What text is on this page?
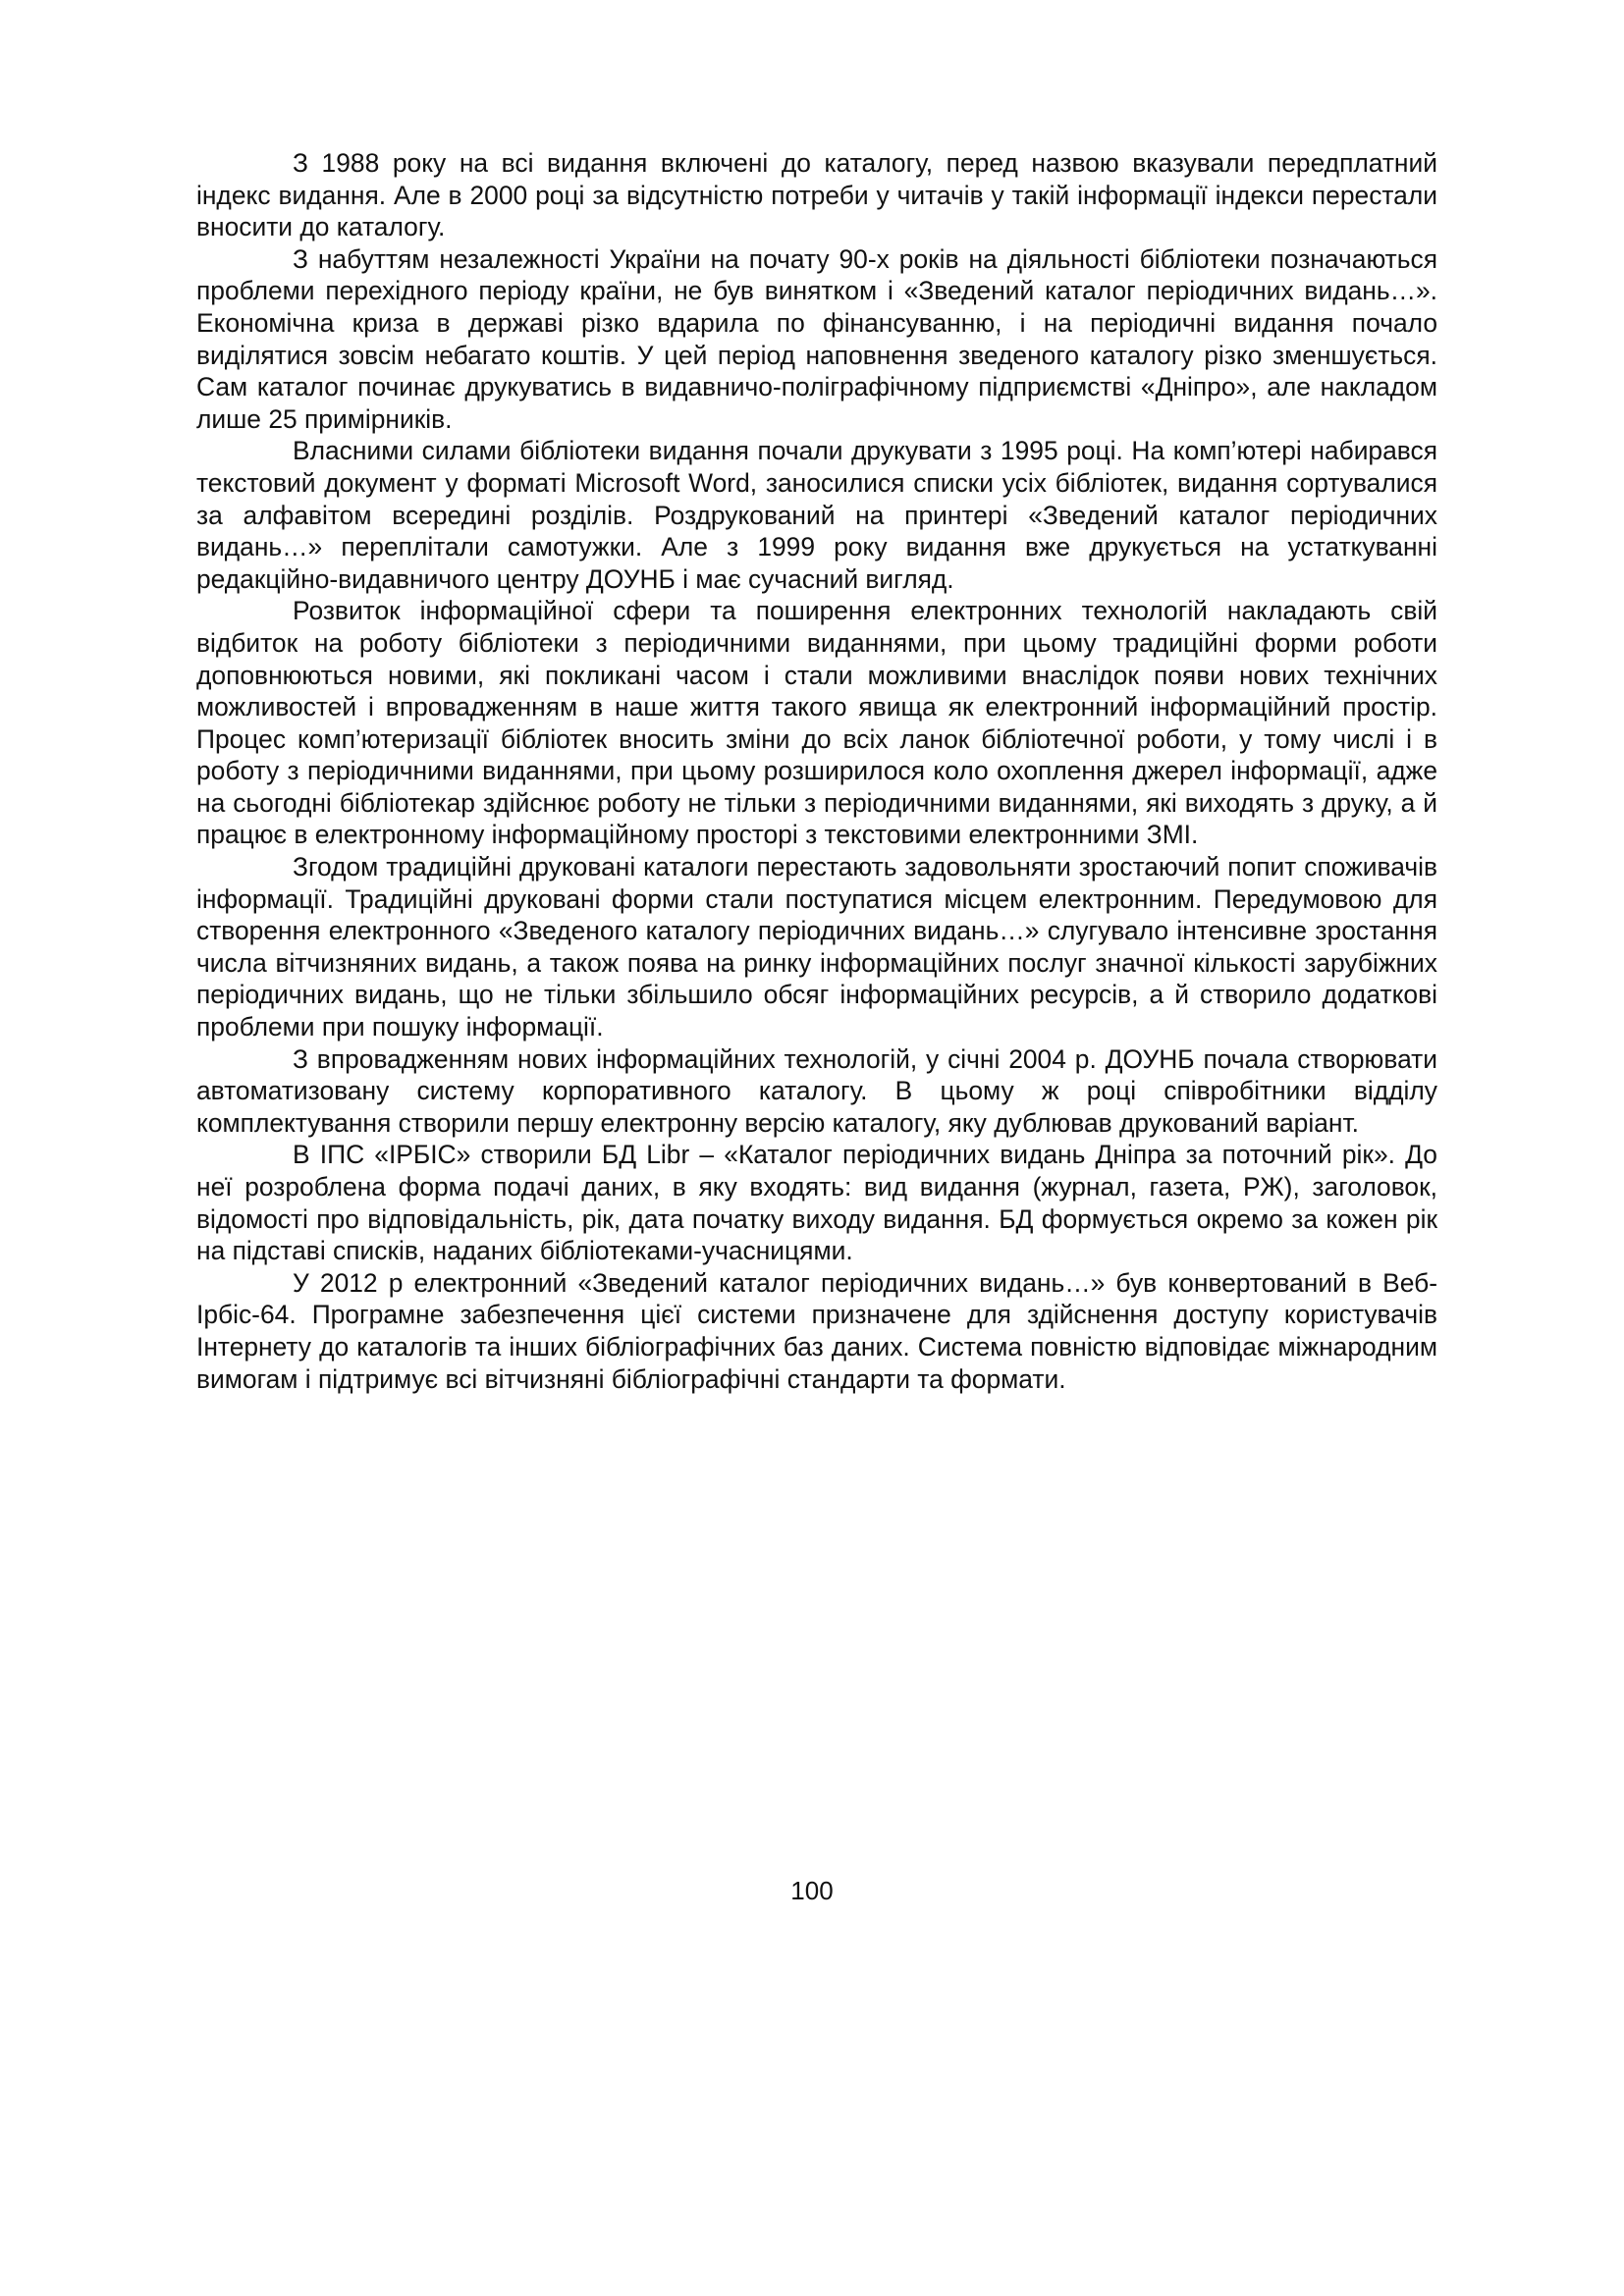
З 1988 року на всі видання включені до каталогу, перед назвою вказували передплатний індекс видання. Але в 2000 році за відсутністю потреби у читачів у такій інформації індекси перестали вносити до каталогу.

З набуттям незалежності України на почату 90-х років на діяльності бібліотеки позначаються проблеми перехідного періоду країни, не був винятком і «Зведений каталог періодичних видань…». Економічна криза в державі різко вдарила по фінансуванню, і на періодичні видання почало виділятися зовсім небагато коштів. У цей період наповнення зведеного каталогу різко зменшується. Сам каталог починає друкуватись в видавничо-поліграфічному підприємстві «Дніпро», але накладом лише 25 примірників.

Власними силами бібліотеки видання почали друкувати з 1995 році. На комп’ютері набирався текстовий документ у форматі Microsoft Word, заносилися списки усіх бібліотек, видання сортувалися за алфавітом всередині розділів. Роздрукований на принтері «Зведений каталог періодичних видань…» переплітали самотужки. Але з 1999 року видання вже друкується на устаткуванні редакційно-видавничого центру ДОУНБ і має сучасний вигляд.

Розвиток інформаційної сфери та поширення електронних технологій накладають свій відбиток на роботу бібліотеки з періодичними виданнями, при цьому традиційні форми роботи доповнюються новими, які покликані часом і стали можливими внаслідок появи нових технічних можливостей і впровадженням в наше життя такого явища як електронний інформаційний простір. Процес комп’ютеризації бібліотек вносить зміни до всіх ланок бібліотечної роботи, у тому числі і в роботу з періодичними виданнями, при цьому розширилося коло охоплення джерел інформації, адже на сьогодні бібліотекар здійснює роботу не тільки з періодичними виданнями, які виходять з друку, а й працює в електронному інформаційному просторі з текстовими електронними ЗМІ.

Згодом традиційні друковані каталоги перестають задовольняти зростаючий попит споживачів інформації. Традиційні друковані форми стали поступатися місцем електронним. Передумовою для створення електронного «Зведеного каталогу періодичних видань…» слугувало інтенсивне зростання числа вітчизняних видань, а також поява на ринку інформаційних послуг значної кількості зарубіжних періодичних видань, що не тільки збільшило обсяг інформаційних ресурсів, а й створило додаткові проблеми при пошуку інформації.

З впровадженням нових інформаційних технологій, у січні 2004 р. ДОУНБ почала створювати автоматизовану систему корпоративного каталогу. В цьому ж році співробітники відділу комплектування створили першу електронну версію каталогу, яку дублював друкований варіант.

В ІПС «ІРБІС» створили БД Libr – «Каталог періодичних видань Дніпра за поточний рік». До неї розроблена форма подачі даних, в яку входять: вид видання (журнал, газета, РЖ), заголовок, відомості про відповідальність, рік, дата початку виходу видання. БД формується окремо за кожен рік на підставі списків, наданих бібліотеками-учасницями.

У 2012 р електронний «Зведений каталог періодичних видань…» був конвертований в Веб-Ірбіс-64. Програмне забезпечення цієї системи призначене для здійснення доступу користувачів Інтернету до каталогів та інших бібліографічних баз даних. Система повністю відповідає міжнародним вимогам і підтримує всі вітчизняні бібліографічні стандарти та формати.

100
